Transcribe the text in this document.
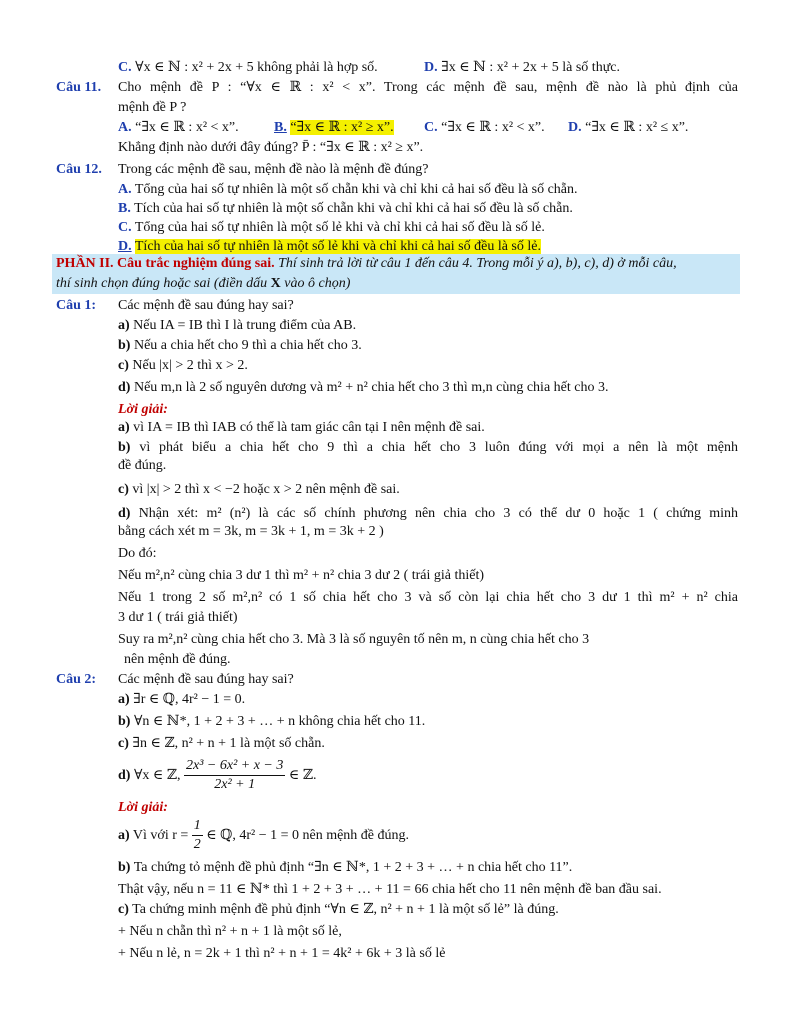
C. ∀x ∈ ℕ : x² + 2x + 5 không phải là hợp số.	D. ∃x ∈ ℕ : x² + 2x + 5 là số thực.
Câu 11. Cho mệnh đề P : “∀x ∈ ℝ : x² < x”. Trong các mệnh đề sau, mệnh đề nào là phủ định của
mệnh đề P ?
A. “∃x ∈ ℝ : x² < x”.	B. “∃x ∈ ℝ : x² ≥ x”. C. “∃x ∈ ℝ : x² < x”. D. “∃x ∈ ℝ : x² ≤ x”.
Khẳng định nào dưới đây đúng? P̄ : “∃x ∈ ℝ : x² ≥ x”.
Câu 12. Trong các mệnh đề sau, mệnh đề nào là mệnh đề đúng?
A. Tổng của hai số tự nhiên là một số chẵn khi và chỉ khi cả hai số đều là số chẵn.
B. Tích của hai số tự nhiên là một số chẵn khi và chỉ khi cả hai số đều là số chẵn.
C. Tổng của hai số tự nhiên là một số lẻ khi và chỉ khi cả hai số đều là số lẻ.
D. Tích của hai số tự nhiên là một số lẻ khi và chỉ khi cả hai số đều là số lẻ.
PHẦN II. Câu trắc nghiệm đúng sai. Thí sinh trả lời từ câu 1 đến câu 4. Trong mỗi ý a), b), c), d) ở mỗi câu,
thí sinh chọn đúng hoặc sai (điền dấu X vào ô chọn)
Câu 1: Các mệnh đề sau đúng hay sai?
a) Nếu IA = IB thì I là trung điểm của AB.
b) Nếu a chia hết cho 9 thì a chia hết cho 3.
c) Nếu |x| > 2 thì x > 2.
d) Nếu m,n là 2 số nguyên dương và m² + n² chia hết cho 3 thì m,n cùng chia hết cho 3.
Lời giải:
a) vì IA = IB thì IAB có thể là tam giác cân tại I nên mệnh đề sai.
b) vì phát biểu a chia hết cho 9 thì a chia hết cho 3 luôn đúng với mọi a nên là một mệnh
đề đúng.
c) vì |x| > 2 thì x < −2 hoặc x > 2 nên mệnh đề sai.
d) Nhận xét: m² (n²) là các số chính phương nên chia cho 3 có thể dư 0 hoặc 1 ( chứng minh
bằng cách xét m = 3k, m = 3k + 1, m = 3k + 2 )
Do đó:
Nếu m²,n² cùng chia 3 dư 1 thì m² + n² chia 3 dư 2 ( trái giả thiết)
Nếu 1 trong 2 số m²,n² có 1 số chia hết cho 3 và số còn lại chia hết cho 3 dư 1 thì m² + n² chia
3 dư 1 ( trái giả thiết)
Suy ra m²,n² cùng chia hết cho 3. Mà 3 là số nguyên tố nên m, n cùng chia hết cho 3
nên mệnh đề đúng.
Câu 2: Các mệnh đề sau đúng hay sai?
a) ∃r ∈ ℚ, 4r² − 1 = 0.
b) ∀n ∈ ℕ*, 1 + 2 + 3 + … + n không chia hết cho 11.
c) ∃n ∈ ℤ, n² + n + 1 là một số chẵn.
d) ∀x ∈ ℤ, $\frac{\text{2x³ − 6x² + x − 3}}{\text{2x² + 1}}$ ∈ ℤ.
Lời giải:
a) Vì với $r = \frac{1}{2}$ ∈ ℚ, 4r² − 1 = 0 nên mệnh đề đúng.
b) Ta chứng tỏ mệnh đề phủ định “∃n ∈ ℕ*, 1 + 2 + 3 + … + n chia hết cho 11”.
Thật vậy, nếu n = 11 ∈ ℕ* thì 1 + 2 + 3 + … + 11 = 66 chia hết cho 11 nên mệnh đề ban đầu sai.
c) Ta chứng minh mệnh đề phủ định “∀n ∈ ℤ, n² + n + 1 là một số lẻ” là đúng.
+ Nếu n chẵn thì n² + n + 1 là một số lẻ,
+ Nếu n lẻ, n = 2k + 1 thì n² + n + 1 = 4k² + 6k + 3 là số lẻ
